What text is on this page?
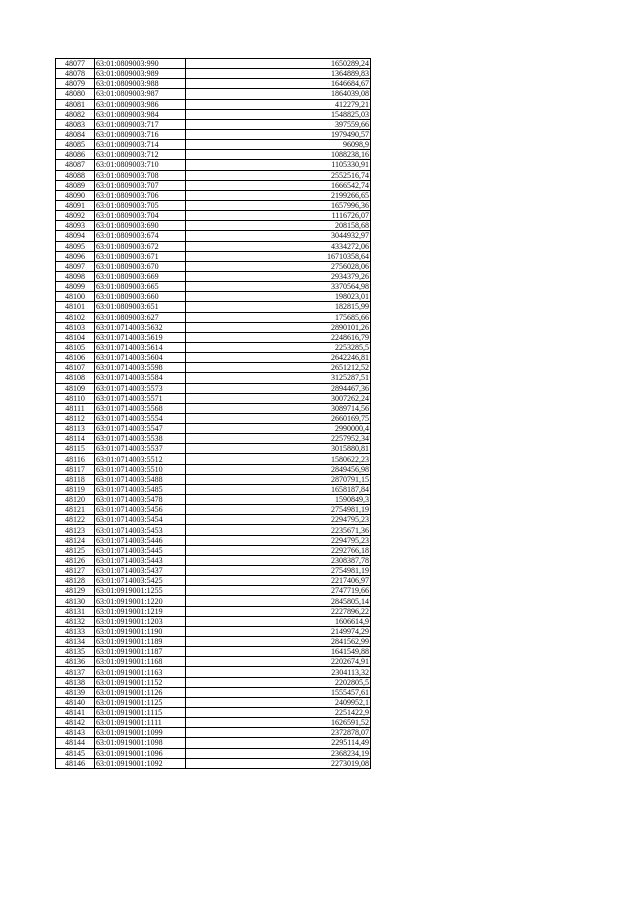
48077	63:01:0809003:990	1650289,24
48078	63:01:0809003:989	1364889,83
48079	63:01:0809003:988	1646684,67
48080	63:01:0809003:987	1864039,08
48081	63:01:0809003:986	412279,21
48082	63:01:0809003:984	1548825,03
48083	63:01:0809003:717	397559,66
48084	63:01:0809003:716	1979490,57
48085	63:01:0809003:714	96098,9
48086	63:01:0809003:712	1088238,16
48087	63:01:0809003:710	1105330,91
48088	63:01:0809003:708	2552516,74
48089	63:01:0809003:707	1666542,74
48090	63:01:0809003:706	2199266,65
48091	63:01:0809003:705	1657996,36
48092	63:01:0809003:704	1116726,07
48093	63:01:0809003:690	208158,68
48094	63:01:0809003:674	3044932,97
48095	63:01:0809003:672	4334272,06
48096	63:01:0809003:671	16710358,64
48097	63:01:0809003:670	2756028,06
48098	63:01:0809003:669	2934379,26
48099	63:01:0809003:665	3370564,98
48100	63:01:0809003:660	198023,01
48101	63:01:0809003:651	182815,99
48102	63:01:0809003:627	175685,66
48103	63:01:0714003:5632	2890101,26
48104	63:01:0714003:5619	2248616,79
48105	63:01:0714003:5614	2253285,5
48106	63:01:0714003:5604	2642246,81
48107	63:01:0714003:5598	2651212,52
48108	63:01:0714003:5584	3125287,51
48109	63:01:0714003:5573	2894467,36
48110	63:01:0714003:5571	3007262,24
48111	63:01:0714003:5568	3089714,56
48112	63:01:0714003:5554	2660169,75
48113	63:01:0714003:5547	2990000,4
48114	63:01:0714003:5538	2257952,34
48115	63:01:0714003:5537	3015880,81
48116	63:01:0714003:5512	1580622,23
48117	63:01:0714003:5510	2849456,98
48118	63:01:0714003:5488	2870791,15
48119	63:01:0714003:5485	1658187,84
48120	63:01:0714003:5478	1590849,3
48121	63:01:0714003:5456	2754981,19
48122	63:01:0714003:5454	2294795,23
48123	63:01:0714003:5453	2235671,36
48124	63:01:0714003:5446	2294795,23
48125	63:01:0714003:5445	2292766,18
48126	63:01:0714003:5443	2308387,78
48127	63:01:0714003:5437	2754981,19
48128	63:01:0714003:5425	2217406,97
48129	63:01:0919001:1255	2747719,66
48130	63:01:0919001:1220	2845805,14
48131	63:01:0919001:1219	2227896,22
48132	63:01:0919001:1203	1606614,9
48133	63:01:0919001:1190	2149974,29
48134	63:01:0919001:1189	2841562,99
48135	63:01:0919001:1187	1641549,88
48136	63:01:0919001:1168	2202674,91
48137	63:01:0919001:1163	2304113,32
48138	63:01:0919001:1152	2202805,5
48139	63:01:0919001:1126	1555457,61
48140	63:01:0919001:1125	2409952,1
48141	63:01:0919001:1115	2251422,9
48142	63:01:0919001:1111	1626591,52
48143	63:01:0919001:1099	2372878,07
48144	63:01:0919001:1098	2295114,49
48145	63:01:0919001:1096	2368234,19
48146	63:01:0919001:1092	2273019,08
